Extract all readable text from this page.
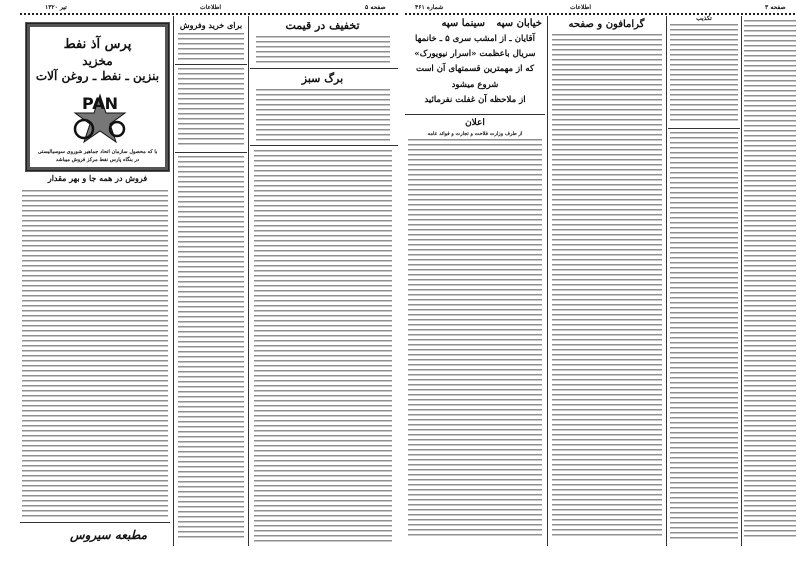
تیر ۱۳۲۰	اطلاعات	صفحه ۵
پرس آذ نفط
مخزید
بنزین ـ نفط ـ روغن آلات
PAN
با که محصول سازمان اتحاد جماهیر شوروی سوسیالیستی
در بنگاه پارس نفط مرکز فروش میباشد
فروش در همه جا و بهر مقدار
برای خرید وفروش	تخفیف در قیمت
برگ سبز
مطبعه سیروس
شماره ۴۶۱	اطلاعات	صفحه ۳
سینما سپه خیابان سپه
آقایان ـ از امشب سری ۵ ـ خانمها
سریال باعظمت «اسرار نیویورک»
که از مهمترین قسمتهای آن است
شروع میشود
از ملاحظه آن غفلت نفرمائید
اعلان
از طرف وزارت فلاحت و تجارت و فوائد عامه
گرامافون و صفحه
تکذیب
